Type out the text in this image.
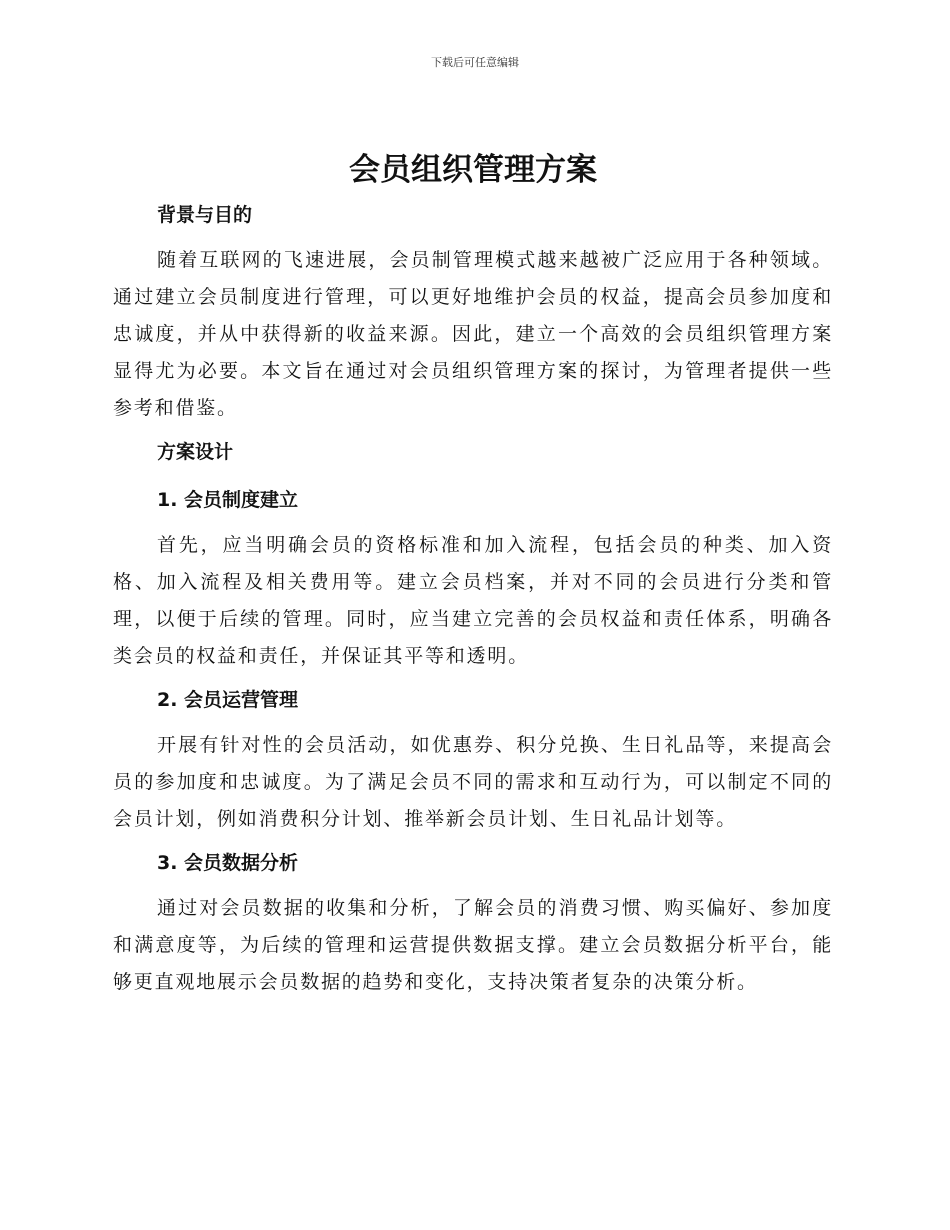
下载后可任意编辑
会员组织管理方案
背景与目的

随着互联网的飞速进展，会员制管理模式越来越被广泛应用于各种领域。通过建立会员制度进行管理，可以更好地维护会员的权益，提高会员参加度和忠诚度，并从中获得新的收益来源。因此，建立一个高效的会员组织管理方案显得尤为必要。本文旨在通过对会员组织管理方案的探讨，为管理者提供一些参考和借鉴。

方案设计
1. 会员制度建立

首先，应当明确会员的资格标准和加入流程，包括会员的种类、加入资格、加入流程及相关费用等。建立会员档案，并对不同的会员进行分类和管理，以便于后续的管理。同时，应当建立完善的会员权益和责任体系，明确各类会员的权益和责任，并保证其平等和透明。

2. 会员运营管理

开展有针对性的会员活动，如优惠券、积分兑换、生日礼品等，来提高会员的参加度和忠诚度。为了满足会员不同的需求和互动行为，可以制定不同的会员计划，例如消费积分计划、推举新会员计划、生日礼品计划等。

3. 会员数据分析

通过对会员数据的收集和分析，了解会员的消费习惯、购买偏好、参加度和满意度等，为后续的管理和运营提供数据支撑。建立会员数据分析平台，能够更直观地展示会员数据的趋势和变化，支持决策者复杂的决策分析。
